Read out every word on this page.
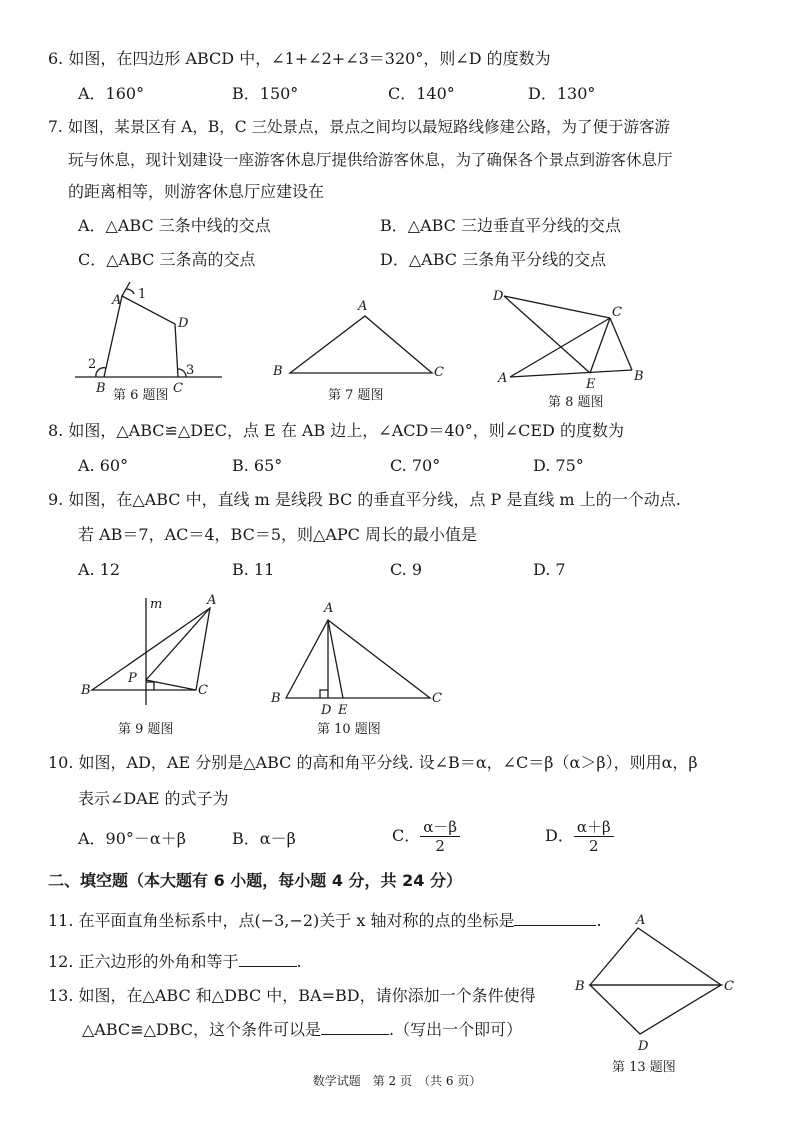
6. 如图，在四边形 ABCD 中，∠1+∠2+∠3＝320°，则∠D 的度数为
A．160°	B．150°	C．140°	D．130°
7. 如图，某景区有 A，B，C 三处景点，景点之间均以最短路线修建公路，为了便于游客游
玩与休息，现计划建设一座游客休息厅提供给游客休息，为了确保各个景点到游客休息厅
的距离相等，则游客休息厅应建设在
A．△ABC 三条中线的交点	B．△ABC 三边垂直平分线的交点
C．△ABC 三条高的交点	D．△ABC 三条角平分线的交点
A 1
D
2
B	C
3
第 6 题图
A
B	C
第 7 题图
D
C
A	E
B
第 8 题图
8. 如图，△ABC≌△DEC，点 E 在 AB 边上，∠ACD＝40°，则∠CED 的度数为
A. 60°	B. 65°	C. 70°	D. 75°
9. 如图，在△ABC 中，直线 m 是线段 BC 的垂直平分线，点 P 是直线 m 上的一个动点.
若 AB＝7，AC＝4，BC＝5，则△APC 周长的最小值是
A. 12	B. 11	C. 9	D. 7
m	A
P
B	C
第 9 题图
A
B
D E
C
第 10 题图
10. 如图，AD，AE 分别是△ABC 的高和角平分线. 设∠B＝α，∠C＝β（α＞β），则用α，β
表示∠DAE 的式子为
A．90°－α＋β	B．α－β	C． $\frac{\alpha-\beta}{2}$	D． $\frac{\alpha+\beta}{2}$
二、填空题（本大题有 6 小题，每小题 4 分，共 24 分）
11. 在平面直角坐标系中，点(−3,−2)关于 x 轴对称的点的坐标是	.
12. 正六边形的外角和等于	.
13. 如图，在△ABC 和△DBC 中，BA=BD，请你添加一个条件使得
△ABC≌△DBC，这个条件可以是	.（写出一个即可）
A
B	C
D
第 13 题图
数学试题　第 2 页　（共 6 页）
